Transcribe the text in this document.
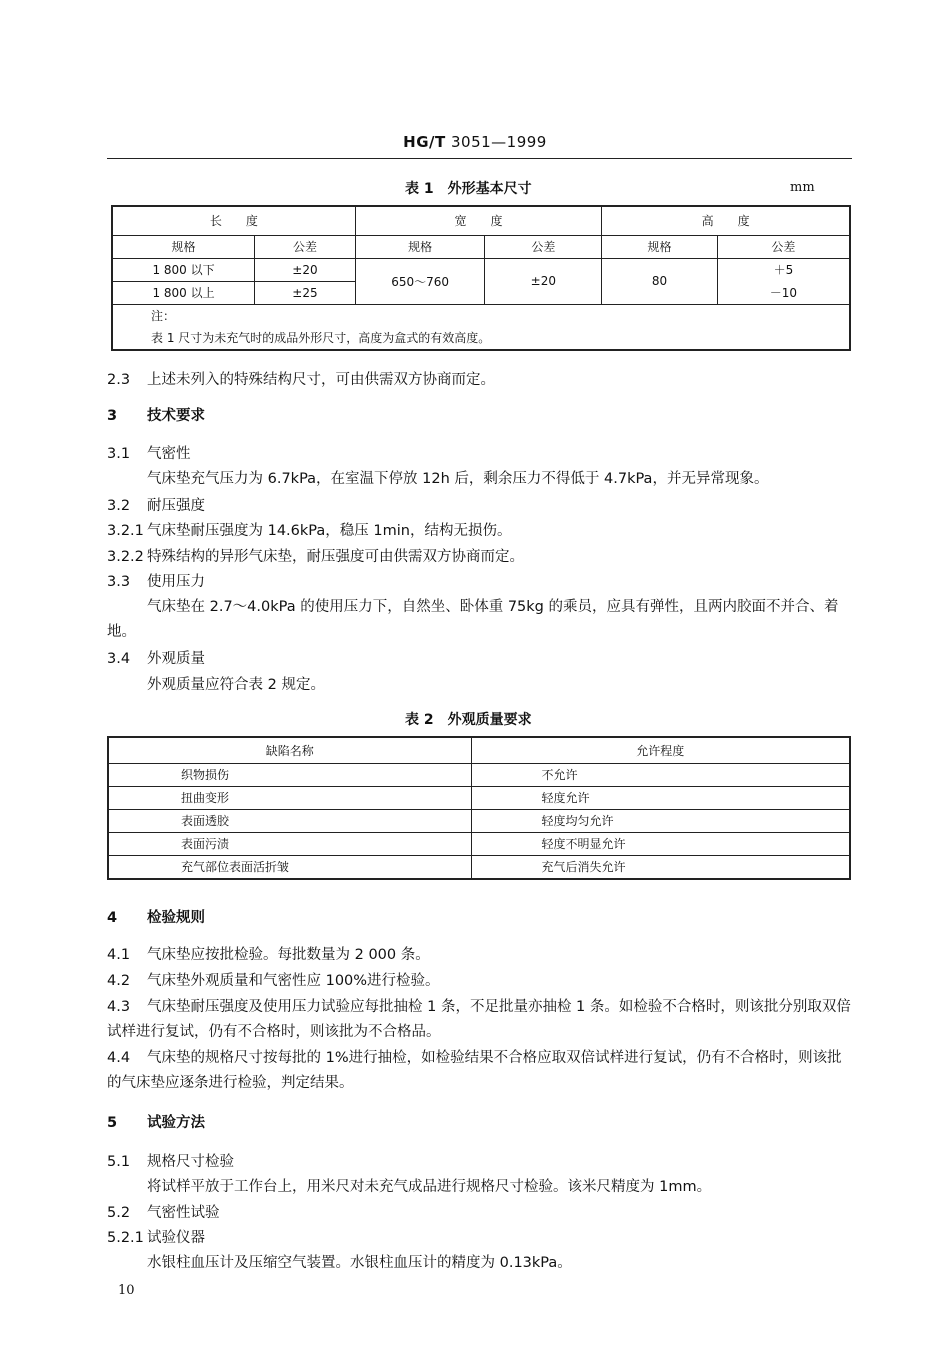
HG/T 3051—1999
表 1　外形基本尺寸	mm
长　　度		宽　　度		高　　度	
规格	公差	规格	公差	规格	公差
1 800 以下	±20	650～760	±20	80	＋5
1 800 以上	±25				－10

注：
表 1 尺寸为未充气时的成品外形尺寸，高度为盒式的有效高度。					
2.3 上述未列入的特殊结构尺寸，可由供需双方协商而定。
3 技术要求
3.1 气密性
气床垫充气压力为 6.7kPa，在室温下停放 12h 后，剩余压力不得低于 4.7kPa，并无异常现象。
3.2 耐压强度
3.2.1 气床垫耐压强度为 14.6kPa，稳压 1min，结构无损伤。
3.2.2 特殊结构的异形气床垫，耐压强度可由供需双方协商而定。
3.3 使用压力
气床垫在 2.7～4.0kPa 的使用压力下，自然坐、卧体重 75kg 的乘员，应具有弹性，且两内胶面不并合、着地。
3.4 外观质量
外观质量应符合表 2 规定。
表 2　外观质量要求
缺陷名称	允许程度
织物损伤	不允许
扭曲变形	轻度允许
表面透胶	轻度均匀允许
表面污渍	轻度不明显允许
充气部位表面活折皱	充气后消失允许
4 检验规则
4.1 气床垫应按批检验。每批数量为 2 000 条。
4.2 气床垫外观质量和气密性应 100%进行检验。
4.3 气床垫耐压强度及使用压力试验应每批抽检 1 条，不足批量亦抽检 1 条。如检验不合格时，则该批分别取双倍试样进行复试，仍有不合格时，则该批为不合格品。
4.4 气床垫的规格尺寸按每批的 1%进行抽检，如检验结果不合格应取双倍试样进行复试，仍有不合格时，则该批的气床垫应逐条进行检验，判定结果。
5 试验方法
5.1 规格尺寸检验
将试样平放于工作台上，用米尺对未充气成品进行规格尺寸检验。该米尺精度为 1mm。
5.2 气密性试验
5.2.1 试验仪器
水银柱血压计及压缩空气装置。水银柱血压计的精度为 0.13kPa。
10
